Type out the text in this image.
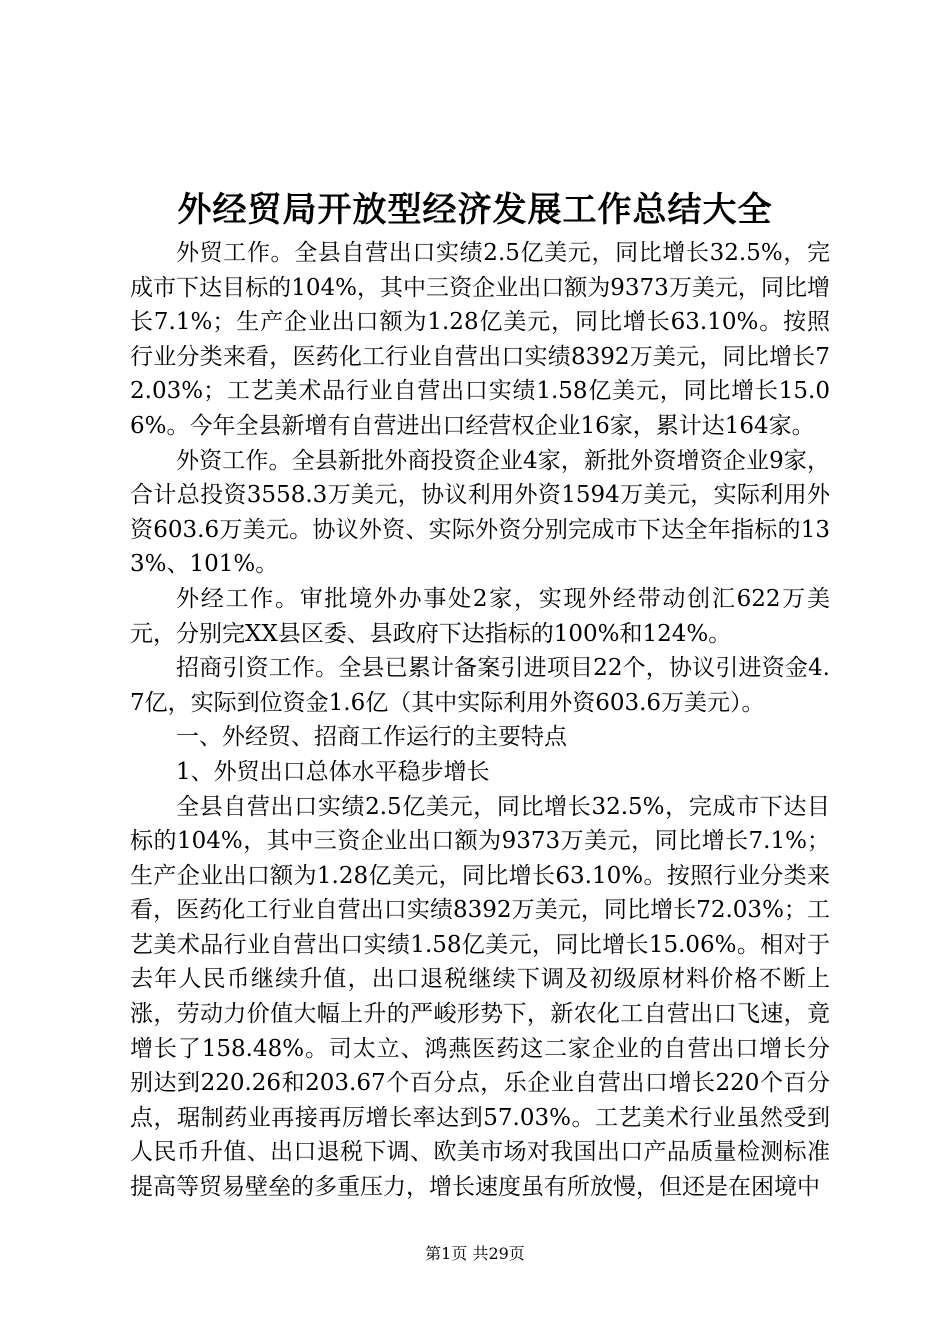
外经贸局开放型经济发展工作总结大全

外贸工作。全县自营出口实绩2.5亿美元，同比增长32.5%，完成市下达目标的104%，其中三资企业出口额为9373万美元，同比增长7.1%；生产企业出口额为1.28亿美元，同比增长63.10%。按照行业分类来看，医药化工行业自营出口实绩8392万美元，同比增长72.03%；工艺美术品行业自营出口实绩1.58亿美元，同比增长15.06%。今年全县新增有自营进出口经营权企业16家，累计达164家。

外资工作。全县新批外商投资企业4家，新批外资增资企业9家，合计总投资3558.3万美元，协议利用外资1594万美元，实际利用外资603.6万美元。协议外资、实际外资分别完成市下达全年指标的133%、101%。

外经工作。审批境外办事处2家，实现外经带动创汇622万美元，分别完XX县区委、县政府下达指标的100%和124%。

招商引资工作。全县已累计备案引进项目22个，协议引进资金4.7亿，实际到位资金1.6亿（其中实际利用外资603.6万美元）。

一、外经贸、招商工作运行的主要特点

1、外贸出口总体水平稳步增长

全县自营出口实绩2.5亿美元，同比增长32.5%，完成市下达目标的104%，其中三资企业出口额为9373万美元，同比增长7.1%；生产企业出口额为1.28亿美元，同比增长63.10%。按照行业分类来看，医药化工行业自营出口实绩8392万美元，同比增长72.03%；工艺美术品行业自营出口实绩1.58亿美元，同比增长15.06%。相对于去年人民币继续升值，出口退税继续下调及初级原材料价格不断上涨，劳动力价值大幅上升的严峻形势下，新农化工自营出口飞速，竟增长了158.48%。司太立、鸿燕医药这二家企业的自营出口增长分别达到220.26和203.67个百分点，乐企业自营出口增长220个百分点，琚制药业再接再厉增长率达到57.03%。工艺美术行业虽然受到人民币升值、出口退税下调、欧美市场对我国出口产品质量检测标准提高等贸易壁垒的多重压力，增长速度虽有所放慢，但还是在困境中

第1页 共29页
